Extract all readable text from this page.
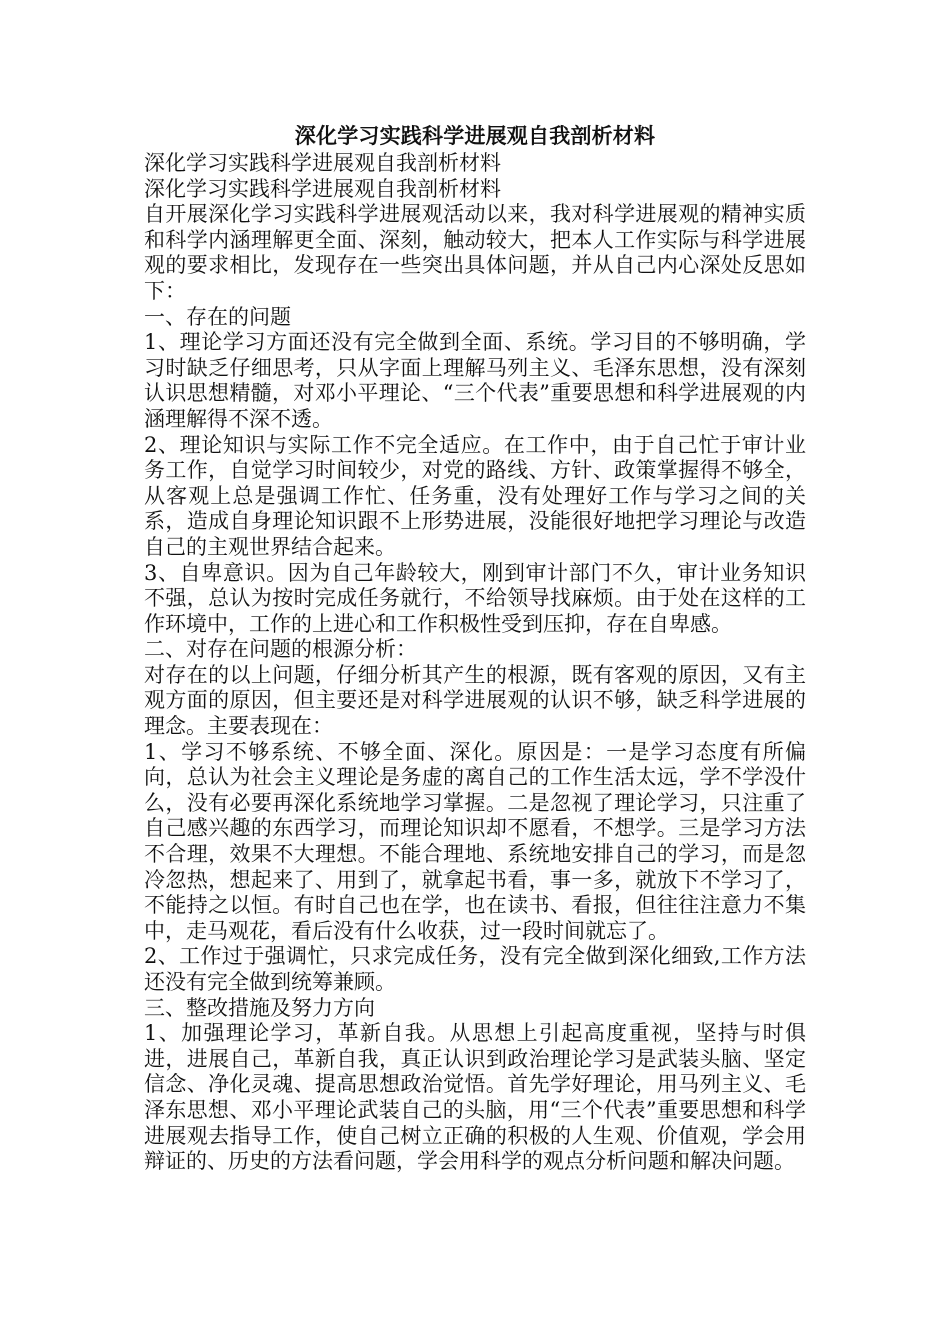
深化学习实践科学进展观自我剖析材料

深化学习实践科学进展观自我剖析材料

深化学习实践科学进展观自我剖析材料

自开展深化学习实践科学进展观活动以来，我对科学进展观的精神实质和科学内涵理解更全面、深刻，触动较大，把本人工作实际与科学进展观的要求相比，发现存在一些突出具体问题，并从自己内心深处反思如下：

一、存在的问题

1、理论学习方面还没有完全做到全面、系统。学习目的不够明确，学习时缺乏仔细思考，只从字面上理解马列主义、毛泽东思想，没有深刻认识思想精髓，对邓小平理论、“三个代表”重要思想和科学进展观的内涵理解得不深不透。

2、理论知识与实际工作不完全适应。在工作中，由于自己忙于审计业务工作，自觉学习时间较少，对党的路线、方针、政策掌握得不够全，从客观上总是强调工作忙、任务重，没有处理好工作与学习之间的关系，造成自身理论知识跟不上形势进展，没能很好地把学习理论与改造自己的主观世界结合起来。

3、自卑意识。因为自己年龄较大，刚到审计部门不久，审计业务知识不强，总认为按时完成任务就行，不给领导找麻烦。由于处在这样的工作环境中，工作的上进心和工作积极性受到压抑，存在自卑感。

二、对存在问题的根源分析：

对存在的以上问题，仔细分析其产生的根源，既有客观的原因，又有主观方面的原因，但主要还是对科学进展观的认识不够，缺乏科学进展的理念。主要表现在：

1、学习不够系统、不够全面、深化。原因是：一是学习态度有所偏向，总认为社会主义理论是务虚的离自己的工作生活太远，学不学没什么，没有必要再深化系统地学习掌握。二是忽视了理论学习，只注重了自己感兴趣的东西学习，而理论知识却不愿看，不想学。三是学习方法不合理，效果不大理想。不能合理地、系统地安排自己的学习，而是忽冷忽热，想起来了、用到了，就拿起书看，事一多，就放下不学习了，不能持之以恒。有时自己也在学，也在读书、看报，但往往注意力不集中，走马观花，看后没有什么收获，过一段时间就忘了。

2、工作过于强调忙，只求完成任务，没有完全做到深化细致,工作方法还没有完全做到统筹兼顾。

三、整改措施及努力方向

1、加强理论学习，革新自我。从思想上引起高度重视，坚持与时俱进，进展自己，革新自我，真正认识到政治理论学习是武装头脑、坚定信念、净化灵魂、提高思想政治觉悟。首先学好理论，用马列主义、毛泽东思想、邓小平理论武装自己的头脑，用“三个代表”重要思想和科学进展观去指导工作，使自己树立正确的积极的人生观、价值观，学会用辩证的、历史的方法看问题，学会用科学的观点分析问题和解决问题。
